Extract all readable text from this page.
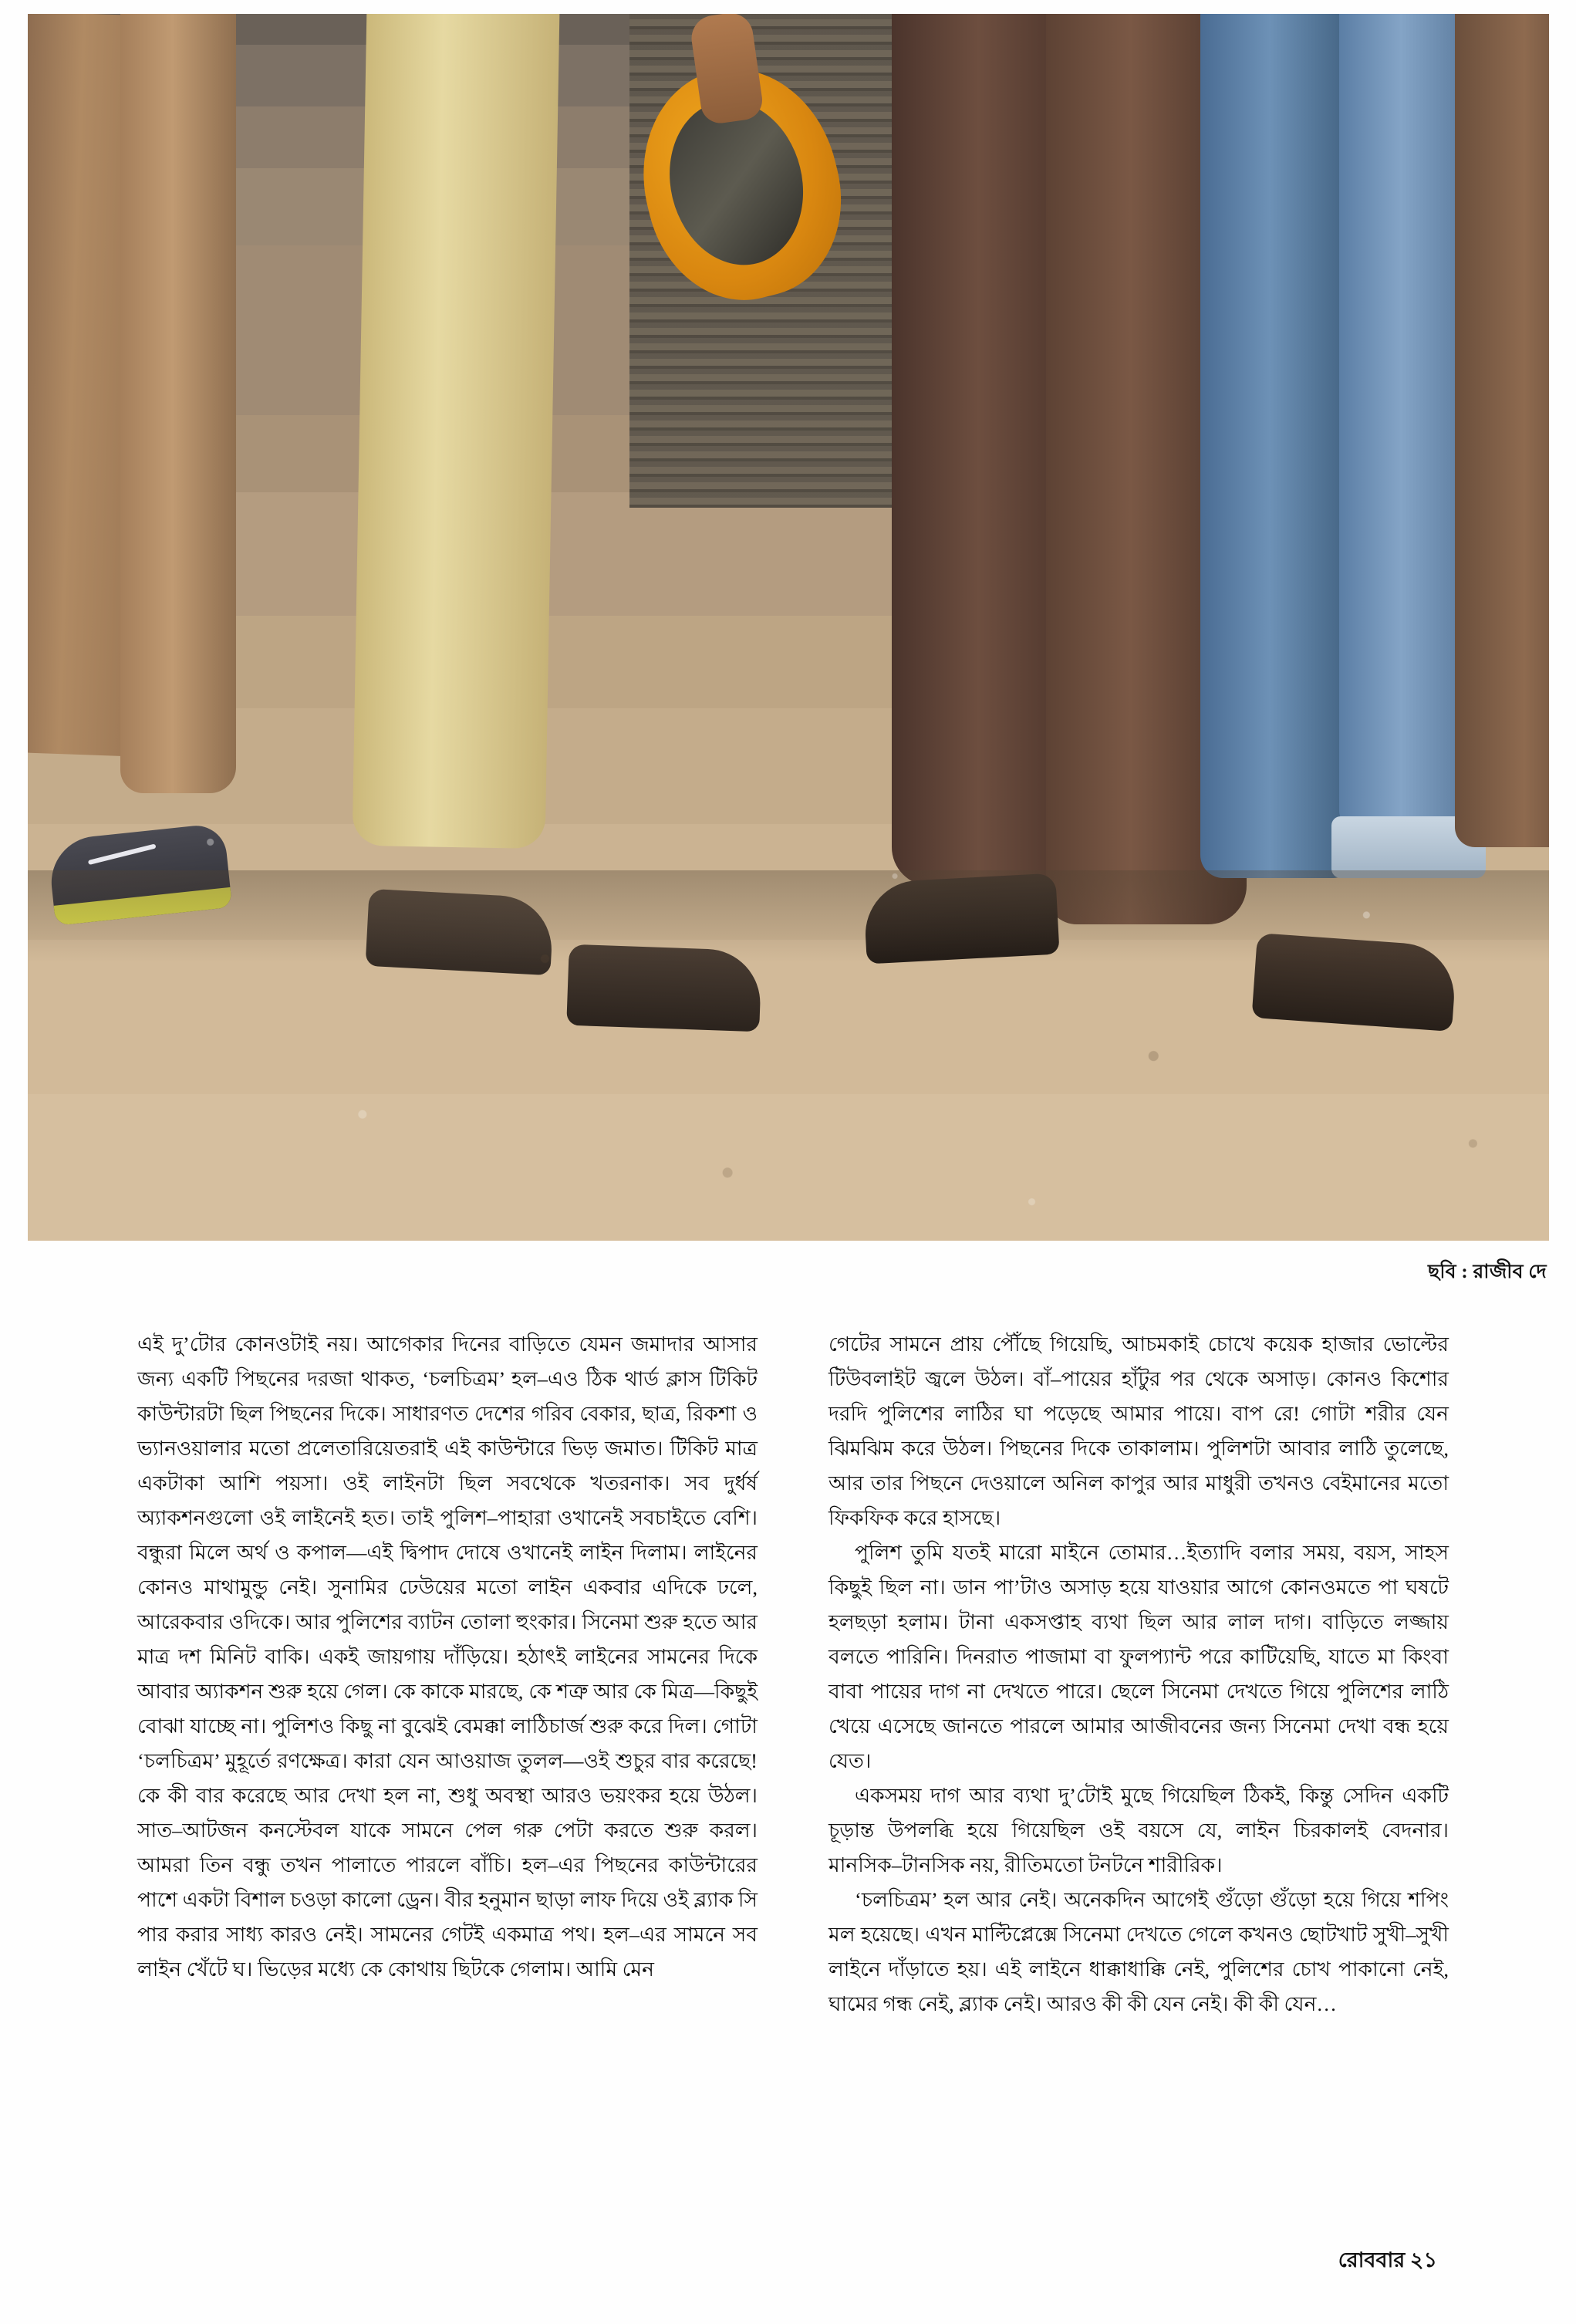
ছবি : রাজীব দে

এই দু’টোর কোনওটাই নয়। আগেকার দিনের বাড়িতে যেমন জমাদার আসার জন্য একটি পিছনের দরজা থাকত, ‘চলচিত্রম’ হল–এও ঠিক থার্ড ক্লাস টিকিট কাউন্টারটা ছিল পিছনের দিকে। সাধারণত দেশের গরিব বেকার, ছাত্র, রিকশা ও ভ্যানওয়ালার মতো প্রলেতারিয়েতরাই এই কাউন্টারে ভিড় জমাত। টিকিট মাত্র একটাকা আশি পয়সা। ওই লাইনটা ছিল সবথেকে খতরনাক। সব দুর্ধর্ষ অ্যাকশনগুলো ওই লাইনেই হত। তাই পুলিশ–পাহারা ওখানেই সবচাইতে বেশি। বন্ধুরা মিলে অর্থ ও কপাল—এই দ্বিপাদ দোষে ওখানেই লাইন দিলাম। লাইনের কোনও মাথামুন্ডু নেই। সুনামির ঢেউয়ের মতো লাইন একবার এদিকে ঢলে, আরেকবার ওদিকে। আর পুলিশের ব্যাটন তোলা হুংকার। সিনেমা শুরু হতে আর মাত্র দশ মিনিট বাকি। একই জায়গায় দাঁড়িয়ে। হঠাৎই লাইনের সামনের দিকে আবার অ্যাকশন শুরু হয়ে গেল। কে কাকে মারছে, কে শত্রু আর কে মিত্র—কিছুই বোঝা যাচ্ছে না। পুলিশও কিছু না বুঝেই বেমক্কা লাঠিচার্জ শুরু করে দিল। গোটা ‘চলচিত্রম’ মুহূর্তে রণক্ষেত্র। কারা যেন আওয়াজ তুলল—ওই শুচুর বার করেছে! কে কী বার করেছে আর দেখা হল না, শুধু অবস্থা আরও ভয়ংকর হয়ে উঠল। সাত–আটজন কনস্টেবল যাকে সামনে পেল গরু পেটা করতে শুরু করল। আমরা তিন বন্ধু তখন পালাতে পারলে বাঁচি। হল–এর পিছনের কাউন্টারের পাশে একটা বিশাল চওড়া কালো ড্রেন। বীর হনুমান ছাড়া লাফ দিয়ে ওই ব্ল্যাক সি পার করার সাধ্য কারও নেই। সামনের গেটই একমাত্র পথ। হল–এর সামনে সব লাইন খেঁটে ঘ। ভিড়ের মধ্যে কে কোথায় ছিটকে গেলাম। আমি মেন

গেটের সামনে প্রায় পৌঁছে গিয়েছি, আচমকাই চোখে কয়েক হাজার ভোল্টের টিউবলাইট জ্বলে উঠল। বাঁ–পায়ের হাঁটুর পর থেকে অসাড়। কোনও কিশোর দরদি পুলিশের লাঠির ঘা পড়েছে আমার পায়ে। বাপ রে! গোটা শরীর যেন ঝিমঝিম করে উঠল। পিছনের দিকে তাকালাম। পুলিশটা আবার লাঠি তুলেছে, আর তার পিছনে দেওয়ালে অনিল কাপুর আর মাধুরী তখনও বেইমানের মতো ফিকফিক করে হাসছে।

পুলিশ তুমি যতই মারো মাইনে তোমার…ইত্যাদি বলার সময়, বয়স, সাহস কিছুই ছিল না। ডান পা’টাও অসাড় হয়ে যাওয়ার আগে কোনওমতে পা ঘষটে হলছড়া হলাম। টানা একসপ্তাহ ব্যথা ছিল আর লাল দাগ। বাড়িতে লজ্জায় বলতে পারিনি। দিনরাত পাজামা বা ফুলপ্যান্ট পরে কাটিয়েছি, যাতে মা কিংবা বাবা পায়ের দাগ না দেখতে পারে। ছেলে সিনেমা দেখতে গিয়ে পুলিশের লাঠি খেয়ে এসেছে জানতে পারলে আমার আজীবনের জন্য সিনেমা দেখা বন্ধ হয়ে যেত।

একসময় দাগ আর ব্যথা দু’টোই মুছে গিয়েছিল ঠিকই, কিন্তু সেদিন একটি চূড়ান্ত উপলব্ধি হয়ে গিয়েছিল ওই বয়সে যে, লাইন চিরকালই বেদনার। মানসিক–টানসিক নয়, রীতিমতো টনটনে শারীরিক।

‘চলচিত্রম’ হল আর নেই। অনেকদিন আগেই গুঁড়ো গুঁড়ো হয়ে গিয়ে শপিং মল হয়েছে। এখন মাল্টিপ্লেক্সে সিনেমা দেখতে গেলে কখনও ছোটখাট সুখী–সুখী লাইনে দাঁড়াতে হয়। এই লাইনে ধাক্কাধাক্কি নেই, পুলিশের চোখ পাকানো নেই, ঘামের গন্ধ নেই, ব্ল্যাক নেই। আরও কী কী যেন নেই। কী কী যেন…

রোববার ২১
